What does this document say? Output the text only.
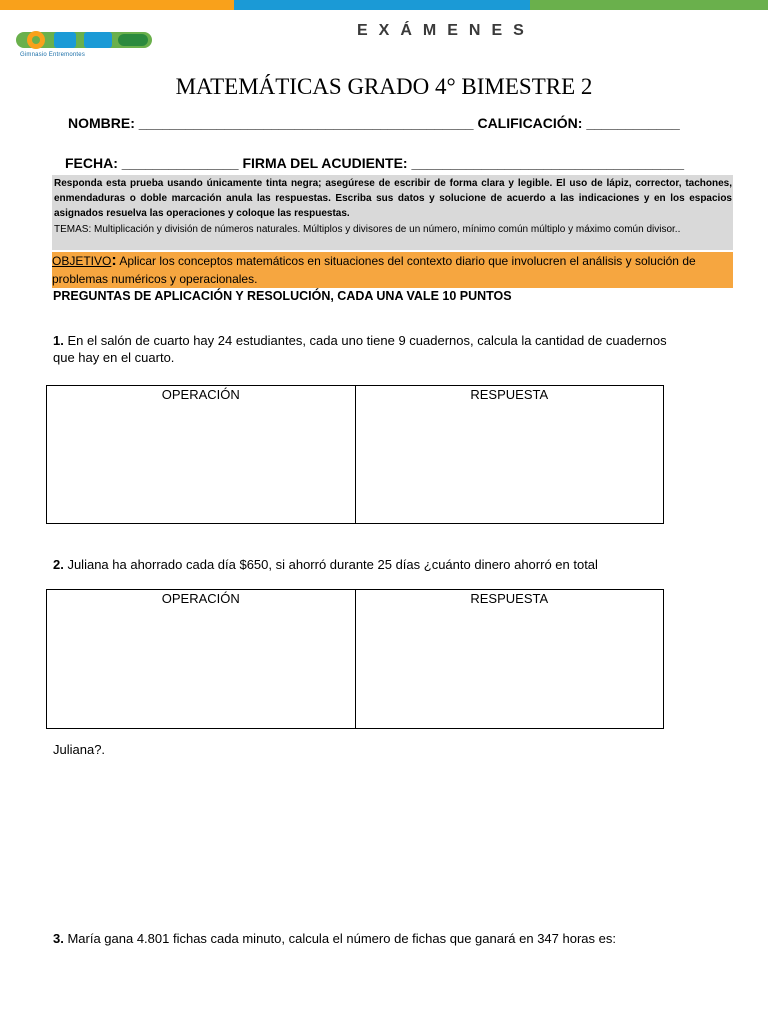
Gimnasio Entremontes
EXÁMENES
MATEMÁTICAS GRADO 4° BIMESTRE 2
NOMBRE: ___________________________________________ CALIFICACIÓN: ____________
FECHA: _______________ FIRMA DEL ACUDIENTE: ___________________________________

Responda esta prueba usando únicamente tinta negra; asegúrese de escribir de forma clara y legible. El uso de lápiz, corrector, tachones, enmendaduras o doble marcación anula las respuestas. Escriba sus datos y solucione de acuerdo a las indicaciones y en los espacios asignados resuelva las operaciones y coloque las respuestas.

TEMAS: Multiplicación y división de números naturales. Múltiplos y divisores de un número, mínimo común múltiplo y máximo común divisor..

OBJETIVO: Aplicar los conceptos matemáticos en situaciones del contexto diario que involucren el análisis y solución de problemas numéricos y operacionales.
PREGUNTAS DE APLICACIÓN Y RESOLUCIÓN, CADA UNA VALE 10 PUNTOS
1. En el salón de cuarto hay 24 estudiantes, cada uno tiene 9 cuadernos, calcula la cantidad de cuadernos que hay en el cuarto.
OPERACIÓN	RESPUESTA
2. Juliana ha ahorrado cada día $650, si ahorró durante 25 días ¿cuánto dinero ahorró en total
OPERACIÓN	RESPUESTA
Juliana?.
3. María gana 4.801 fichas cada minuto, calcula el número de fichas que ganará en 347 horas es:
